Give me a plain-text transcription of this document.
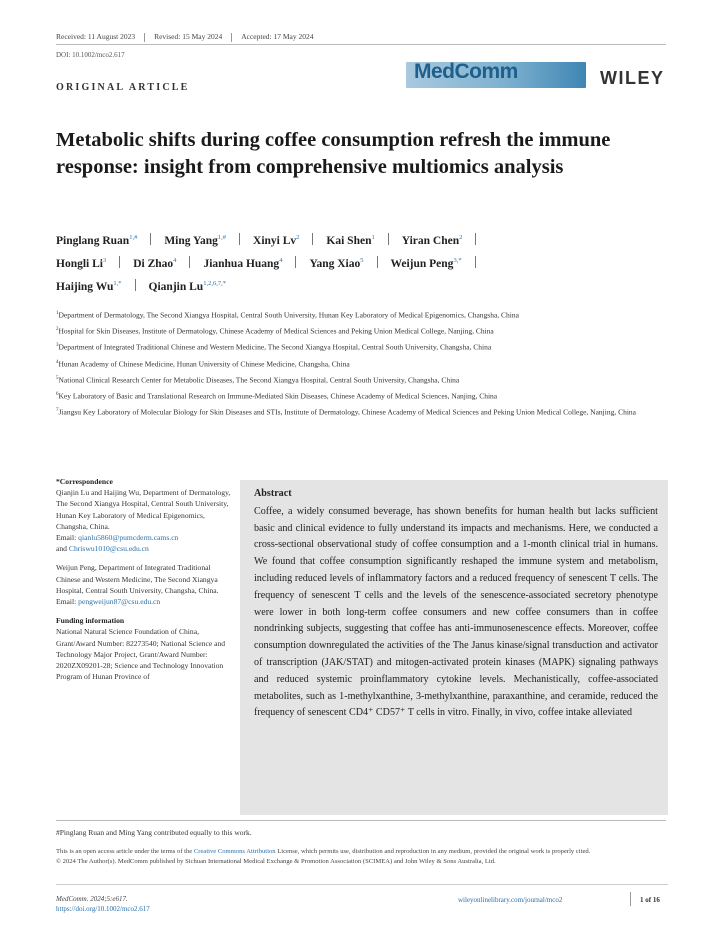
Received: 11 August 2023	Revised: 15 May 2024	Accepted: 17 May 2024
DOI: 10.1002/mco2.617
ORIGINAL ARTICLE
MedComm	WILEY
Metabolic shifts during coffee consumption refresh the immune response: insight from comprehensive multiomics analysis
Pinglang Ruan$^{1,\#}$ Ming Yang$^{1,\#}$ Xinyi Lv$^2$ Kai Shen$^1$ Yiran Chen$^2$
Hongli Li$^3$ Di Zhao$^4$ Jianhua Huang$^4$ Yang Xiao$^5$ Weijun Peng$^{3,*}$
Haijing $Wu^{1,*}$ Qianjin $Lu^{1,2,6,7,*}$

$^1$Department of Dermatology, The Second Xiangya Hospital, Central South University, Hunan Key Laboratory of Medical Epigenomics, Changsha, China

$^2$Hospital for Skin Diseases, Institute of Dermatology, Chinese Academy of Medical Sciences and Peking Union Medical College, Nanjing, China

$^3$Department of Integrated Traditional Chinese and Western Medicine, The Second Xiangya Hospital, Central South University, Changsha, China

$^4$Hunan Academy of Chinese Medicine, Hunan University of Chinese Medicine, Changsha, China

$^5$National Clinical Research Center for Metabolic Diseases, The Second Xiangya Hospital, Central South University, Changsha, China

$^6$Key Laboratory of Basic and Translational Research on Immune-Mediated Skin Diseases, Chinese Academy of Medical Sciences, Nanjing, China

$^7$Jiangsu Key Laboratory of Molecular Biology for Skin Diseases and STIs, Institute of Dermatology, Chinese Academy of Medical Sciences and Peking Union Medical College, Nanjing, China

*Correspondence

Qianjin Lu and Haijing Wu, Department of Dermatology, The Second Xiangya Hospital, Central South University, Hunan Key Laboratory of Medical Epigenomics, Changsha, China.
Email: qianlu5860@pumcderm.cams.cn
and Chriswu1010@csu.edu.cn

Weijun Peng, Department of Integrated Traditional Chinese and Western Medicine, The Second Xiangya Hospital, Central South University, Changsha, China.
Email: pengweijun87@csu.edu.cn

Funding information

National Natural Science Foundation of China, Grant/Award Number: 82273540; National Science and Technology Major Project, Grant/Award Number: 2020ZX09201-28; Science and Technology Innovation Program of Hunan Province of

Abstract
Coffee, a widely consumed beverage, has shown benefits for human health but lacks sufficient basic and clinical evidence to fully understand its impacts and mechanisms. Here, we conducted a cross-sectional observational study of coffee consumption and a 1-month clinical trial in humans. We found that coffee consumption significantly reshaped the immune system and metabolism, including reduced levels of inflammatory factors and a reduced frequency of senescent T cells. The frequency of senescent T cells and the levels of the senescence-associated secretory phenotype were lower in both long-term coffee consumers and new coffee consumers than in coffee nondrinking subjects, suggesting that coffee has anti-immunosenescence effects. Moreover, coffee consumption downregulated the activities of the The Janus kinase/signal transduction and activator of transcription (JAK/STAT) and mitogen-activated protein kinases (MAPK) signaling pathways and reduced systemic proinflammatory cytokine levels. Mechanistically, coffee-associated metabolites, such as 1-methylxanthine, 3-methylxanthine, paraxanthine, and ceramide, reduced the frequency of senescent CD4⁺ CD57⁺ T cells in vitro. Finally, in vivo, coffee intake alleviated
#Pinglang Ruan and Ming Yang contributed equally to this work.

This is an open access article under the terms of the Creative Commons Attribution License, which permits use, distribution and reproduction in any medium, provided the original work is properly cited.

© 2024 The Author(s). MedComm published by Sichuan International Medical Exchange & Promotion Association (SCIMEA) and John Wiley & Sons Australia, Ltd.

MedComm. 2024;5:e617.
https://doi.org/10.1002/mco2.617
wileyonlinelibrary.com/journal/mco2	1 of 16
